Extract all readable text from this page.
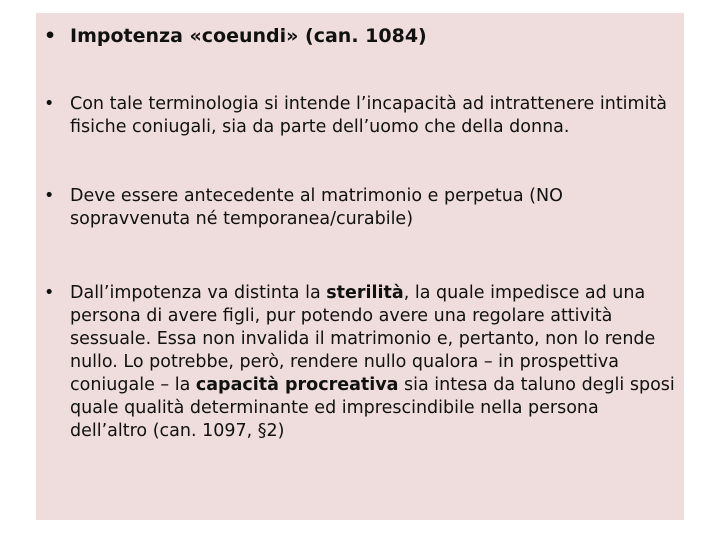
• Impotenza «coeundi» (can. 1084)
• Con tale terminologia si intende l’incapacità ad intrattenere intimità fisiche coniugali, sia da parte dell’uomo che della donna.
• Deve essere antecedente al matrimonio e perpetua (NO sopravvenuta né temporanea/curabile)
• Dall’impotenza va distinta la sterilità, la quale impedisce ad una persona di avere figli, pur potendo avere una regolare attività sessuale. Essa non invalida il matrimonio e, pertanto, non lo rende nullo. Lo potrebbe, però, rendere nullo qualora – in prospettiva coniugale – la capacità procreativa sia intesa da taluno degli sposi quale qualità determinante ed imprescindibile nella persona dell’altro (can. 1097, §2)
